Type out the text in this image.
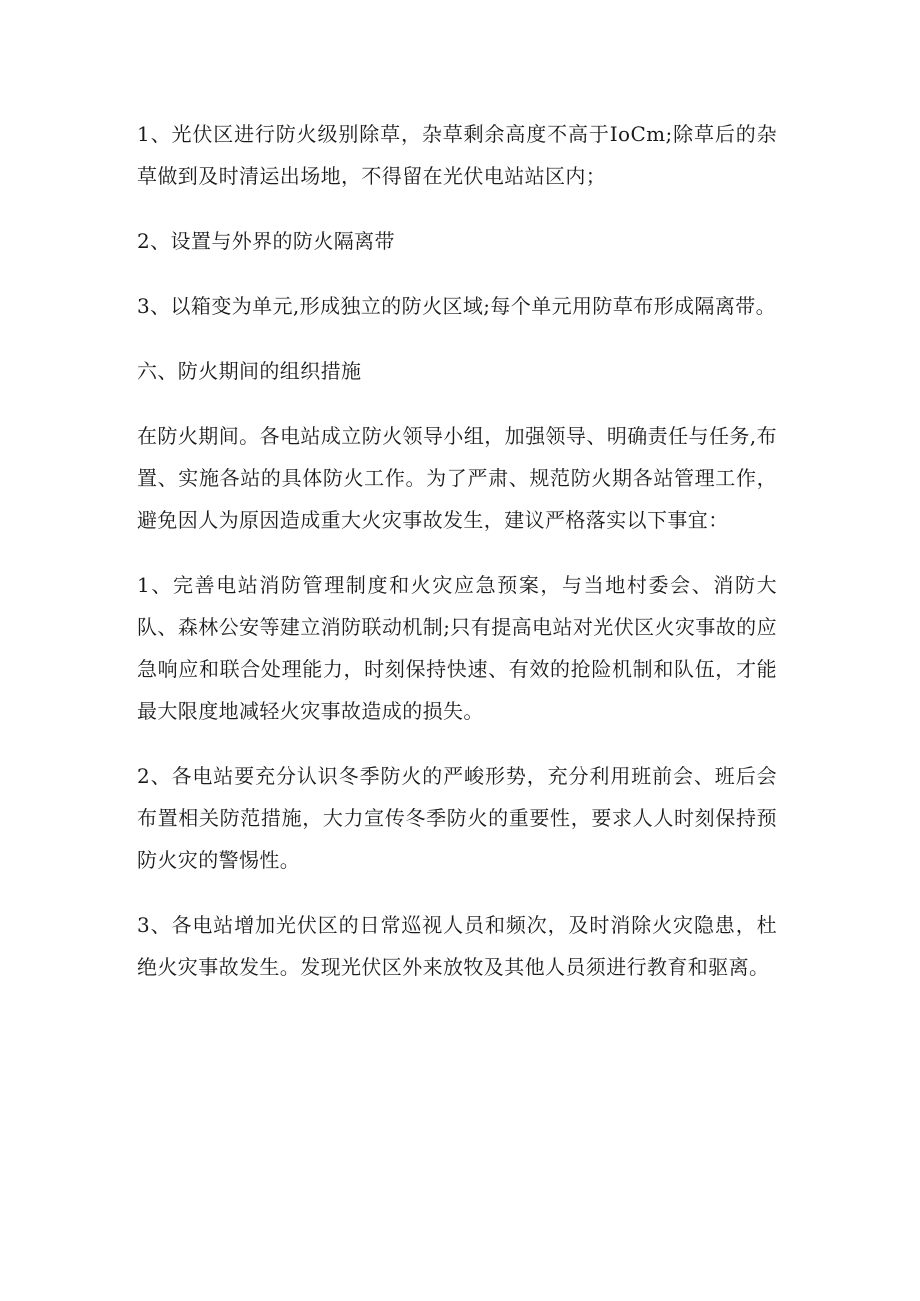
1、光伏区进行防火级别除草，杂草剩余高度不高于IoCm;除草后的杂草做到及时清运出场地，不得留在光伏电站站区内；

2、设置与外界的防火隔离带

3、以箱变为单元,形成独立的防火区域;每个单元用防草布形成隔离带。

六、防火期间的组织措施

在防火期间。各电站成立防火领导小组，加强领导、明确责任与任务,布置、实施各站的具体防火工作。为了严肃、规范防火期各站管理工作，避免因人为原因造成重大火灾事故发生，建议严格落实以下事宜：

1、完善电站消防管理制度和火灾应急预案，与当地村委会、消防大队、森林公安等建立消防联动机制;只有提高电站对光伏区火灾事故的应急响应和联合处理能力，时刻保持快速、有效的抢险机制和队伍，才能最大限度地减轻火灾事故造成的损失。

2、各电站要充分认识冬季防火的严峻形势，充分利用班前会、班后会布置相关防范措施，大力宣传冬季防火的重要性，要求人人时刻保持预防火灾的警惕性。

3、各电站增加光伏区的日常巡视人员和频次，及时消除火灾隐患，杜绝火灾事故发生。发现光伏区外来放牧及其他人员须进行教育和驱离。
